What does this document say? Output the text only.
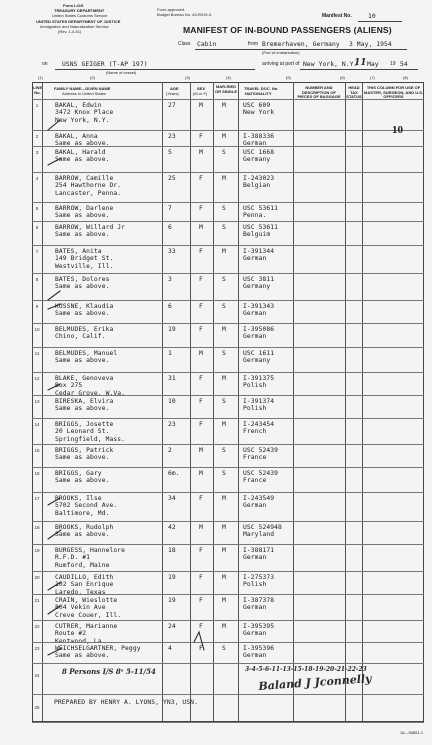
Form I-415
TREASURY DEPARTMENT
United States Customs Service
UNITED STATES DEPARTMENT OF JUSTICE
Immigration and Naturalization Service
(Rev. 1-4-51)
Form approved.
Budget Bureau No. 43-R019-3.	Manifest No.	10
MANIFEST OF IN-BOUND PASSENGERS (ALIENS)
Class Cabin	from Bremerhaven, Germany 3 May, 1954
(Port of embarkation)
on USNS GEIGER (T-AP 197)
(Name of vessel)
arriving at port of New York, N.Y.
11 May 19 54
(1)	(2)	(3)	(4)	(5)	(6)	(7)	(8)
LINE No.
FAMILY NAME—GIVEN NAME
Address in United States
AGE
(Years)
SEX
(M or F)
MAR-RIED OR SINGLE
TRAVEL DOC. No.
NATIONALITY
NUMBER AND DESCRIPTION OF PIECES OF BAGGAGE
HEAD TAX STATUS
THIS COLUMN FOR USE OF MASTER, SURGEON, AND U.S. OFFICERS
1	BAKAL, Edwin
3472 Knox Place
New York, N.Y.
27	M	M	USC 609
New York
2	BAKAL, Anna
Same as above.
23	F	M	I-388336
German
3	BAKAL, Harald
Same as above.
5	M	S	USC 1668
Germany
4	BARROW, Camille
254 Hawthorne Dr.
Lancaster, Penna.
25	F	M	I-243023
Belgian
5	BARROW, Darlene
Same as above.
7	F	S	USC 53611
Penna.
6	BARROW, Willard Jr
Same as above.
6	M	S	USC 53611
Belguim
7	BATES, Anita
149 Bridget St.
Westville, Ill.
33	F	M	I-391344
German
8	BATES, Dolores
Same as above.
3	F	S	USC 3811
Germany
9	KUSSNE, Klaudia
Same as above.
6	F	S	I-391343
German
10	BELMUDES, Erika
Chino, Calif.
19	F	M	I-395086
German
11	BELMUDES, Manuel
Same as above.
1	M	S	USC 1611
Germany
12	BLAKE, Genoveva
Box 275
Cedar Grove, W.Va.
31	F	M	I-391375
Polish
13	BIRESKA, Elvira
Same as above.
10	F	S	I-391374
Polish
14	BRIGGS, Josette
20 Leonard St.
Springfield, Mass.
23	F	M	I-243454
French
15	BRIGGS, Patrick
Same as above.
2	M	S	USC 52439
France
16	BRIGGS, Gary
Same as above.
6m.	M	S	USC 52439
France
17	BROOKS, Ilse
5702 Second Ave.
Baltimore, Md.
34	F	M	I-243549
German
18	BROOKS, Rudolph
Same as above.
42	M	M	USC 524948
Maryland
19	BURGESS, Hannelore
R.F.D. #1
Rumford, Maine
18	F	M	I-388171
German
20	CAUDILLO, Edith
102 San Enrique
Laredo, Texas
19	F	M	I-275373
Polish
21	CRAIN, Wieslotte
804 Vekin Ave
Creve Couer, Ill.
19	F	M	I-387378
German
22	CUTRER, Marianne
Route #2
Kentwood, La.
24	F	M	I-395395
German
23	WEICHSELGARTNER, Peggy
Same as above.
4	F	S	I-395396
German
10
24	8 Persons I/S 8ˢ 5-11/54	3-4-5-6-11-13-15-18-19-20-21-22-23
Baland J Jconnelly
25
PREPARED BY HENRY A. LYONS, YN3, USN.
16—55851-1
